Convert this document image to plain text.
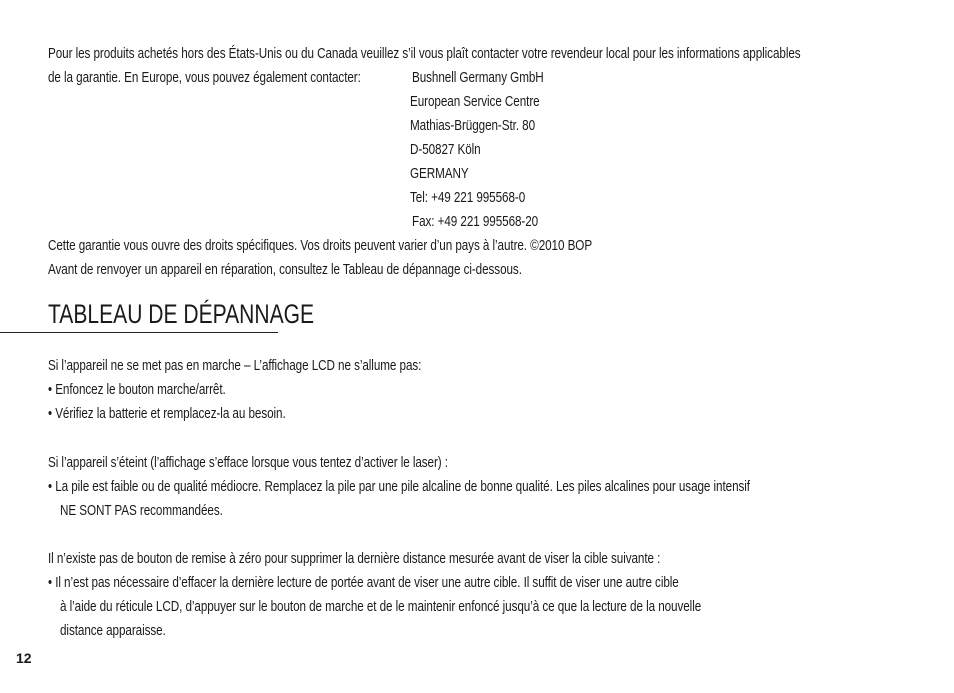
Pour les produits achetés hors des États-Unis ou du Canada veuillez s’il vous plaît contacter votre revendeur local pour les informations applicables

de la garantie. En Europe, vous pouvez également contacter:	Bushnell Germany GmbH

European Service Centre

Mathias-Brüggen-Str. 80

D-50827 Köln

GERMANY

Tel: +49 221 995568-0

Fax: +49 221 995568-20

Cette garantie vous ouvre des droits spécifiques. Vos droits peuvent varier d’un pays à l’autre. ©2010 BOP

Avant de renvoyer un appareil en réparation, consultez le Tableau de dépannage ci-dessous.

TABLEAU DE DÉPANNAGE

Si l’appareil ne se met pas en marche – L’affichage LCD ne s’allume pas:

• Enfoncez le bouton marche/arrêt.

• Vérifiez la batterie et remplacez-la au besoin.

Si l’appareil s’éteint (l’affichage s’efface lorsque vous tentez d’activer le laser) :

• La pile est faible ou de qualité médiocre. Remplacez la pile par une pile alcaline de bonne qualité. Les piles alcalines pour usage intensif

NE SONT PAS recommandées.

Il n’existe pas de bouton de remise à zéro pour supprimer la dernière distance mesurée avant de viser la cible suivante :

• Il n’est pas nécessaire d’effacer la dernière lecture de portée avant de viser une autre cible. Il suffit de viser une autre cible

à l’aide du réticule LCD, d’appuyer sur le bouton de marche et de le maintenir enfoncé jusqu’à ce que la lecture de la nouvelle

distance apparaisse.

12
